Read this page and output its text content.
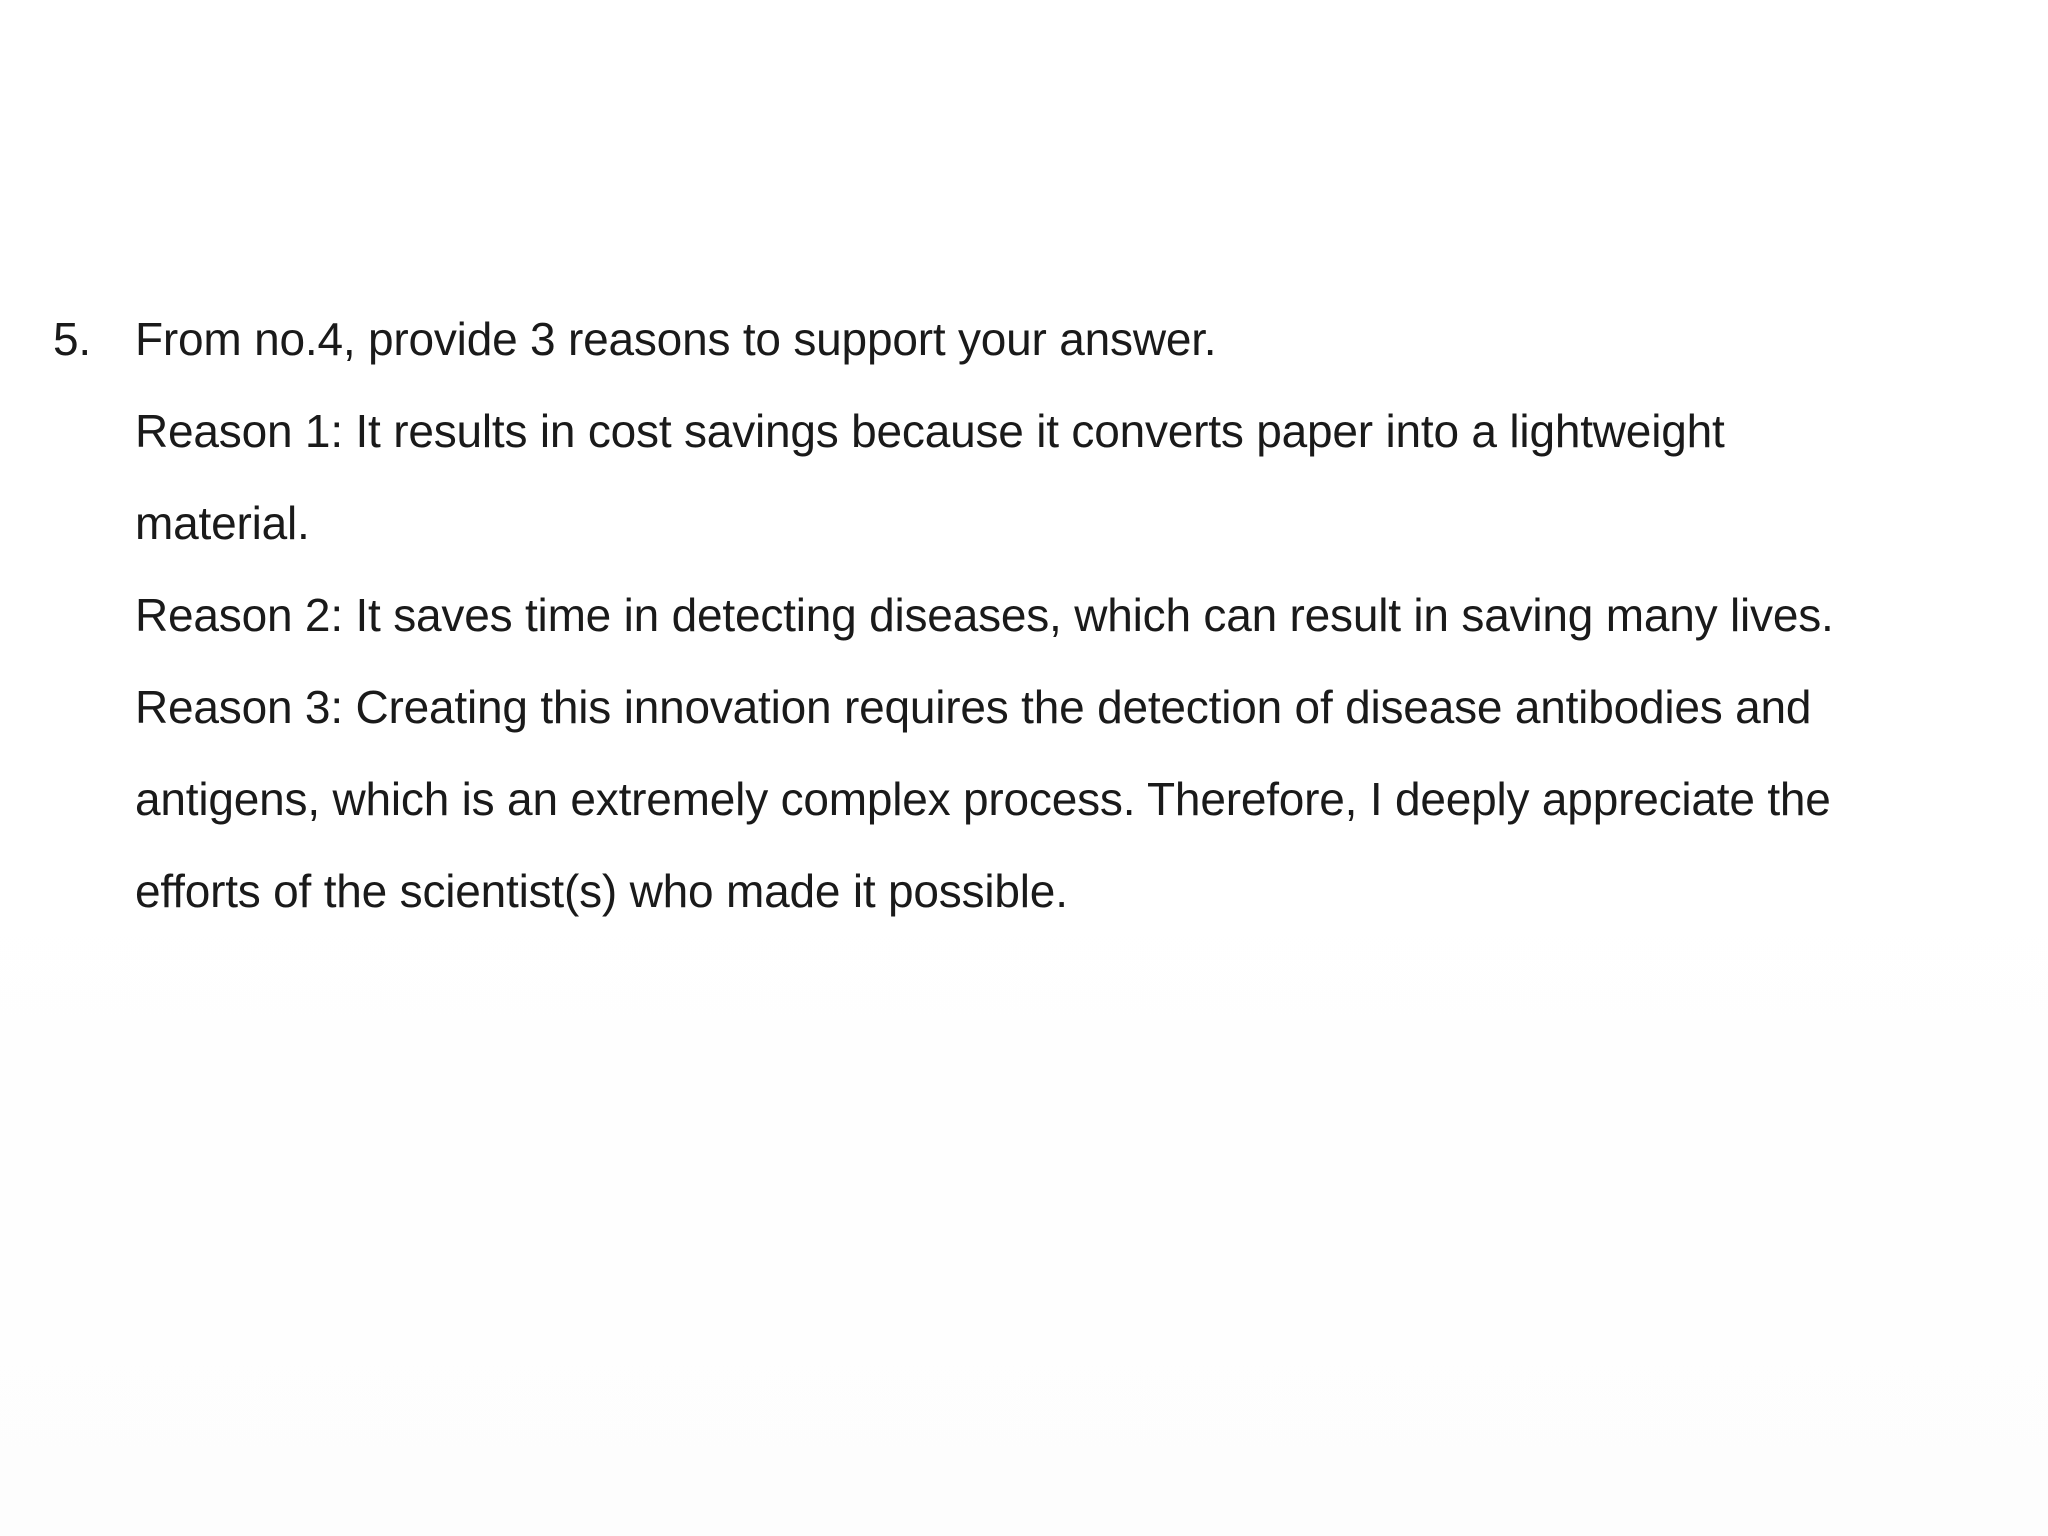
5. From no.4, provide 3 reasons to support your answer.
Reason 1: It results in cost savings because it converts paper into a lightweight
material.
Reason 2: It saves time in detecting diseases, which can result in saving many lives.
Reason 3: Creating this innovation requires the detection of disease antibodies and
antigens, which is an extremely complex process. Therefore, I deeply appreciate the
efforts of the scientist(s) who made it possible.
